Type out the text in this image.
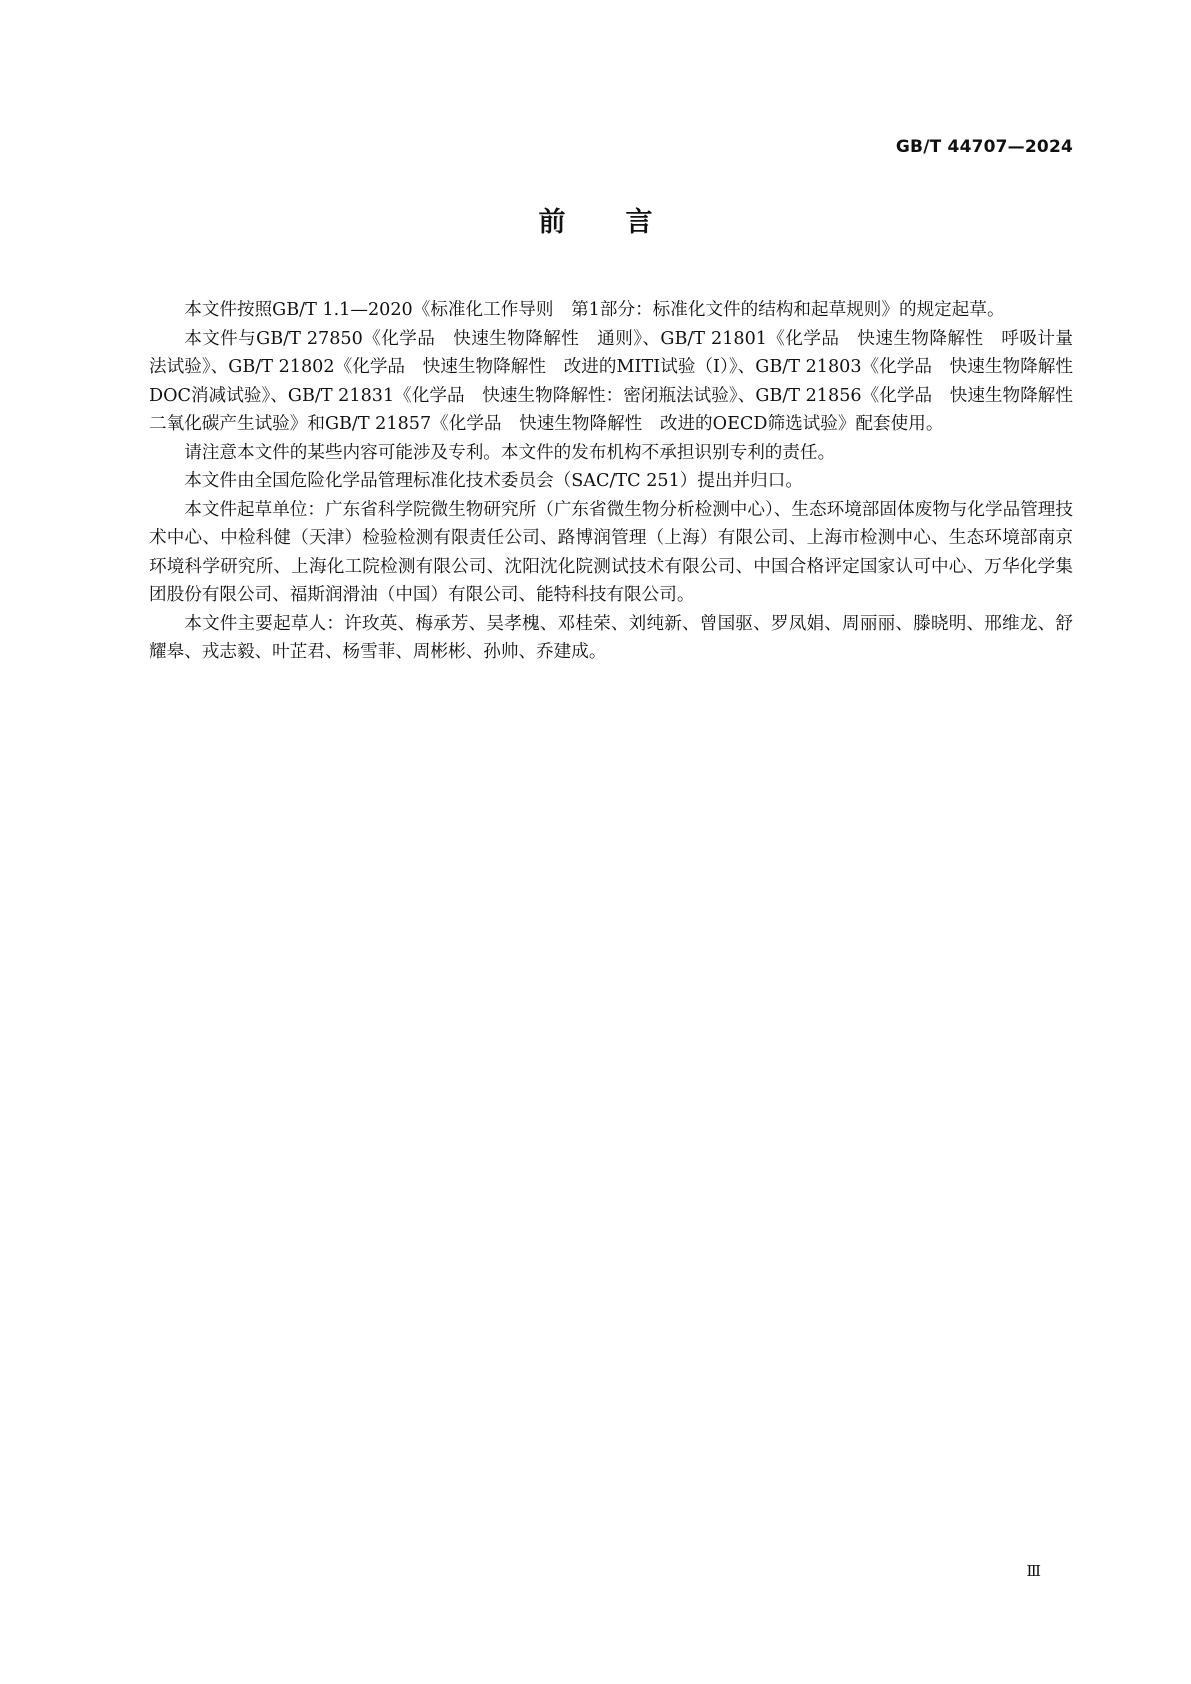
GB/T 44707—2024
前言

本文件按照GB/T 1.1—2020《标准化工作导则　第1部分：标准化文件的结构和起草规则》的规定起草。

本文件与GB/T 27850《化学品　快速生物降解性　通则》、GB/T 21801《化学品　快速生物降解性　呼吸计量法试验》、GB/T 21802《化学品　快速生物降解性　改进的MITI试验（Ⅰ）》、GB/T 21803《化学品　快速生物降解性 DOC消减试验》、GB/T 21831《化学品　快速生物降解性：密闭瓶法试验》、GB/T 21856《化学品　快速生物降解性　二氧化碳产生试验》和GB/T 21857《化学品　快速生物降解性　改进的OECD筛选试验》配套使用。

请注意本文件的某些内容可能涉及专利。本文件的发布机构不承担识别专利的责任。

本文件由全国危险化学品管理标准化技术委员会（SAC/TC 251）提出并归口。

本文件起草单位：广东省科学院微生物研究所（广东省微生物分析检测中心）、生态环境部固体废物与化学品管理技术中心、中检科健（天津）检验检测有限责任公司、路博润管理（上海）有限公司、上海市检测中心、生态环境部南京环境科学研究所、上海化工院检测有限公司、沈阳沈化院测试技术有限公司、中国合格评定国家认可中心、万华化学集团股份有限公司、福斯润滑油（中国）有限公司、能特科技有限公司。

本文件主要起草人：许玫英、梅承芳、吴孝槐、邓桂荣、刘纯新、曾国驱、罗凤娟、周丽丽、滕晓明、邢维龙、舒耀皋、戎志毅、叶芷君、杨雪菲、周彬彬、孙帅、乔建成。

Ⅲ
